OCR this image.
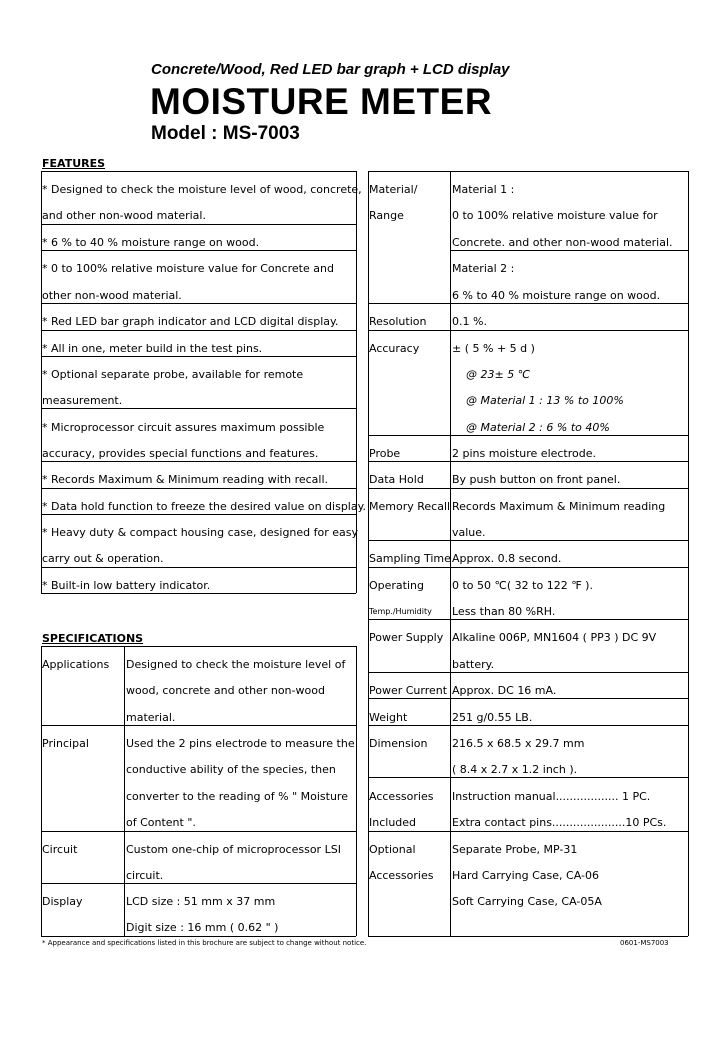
Concrete/Wood, Red LED bar graph + LCD display
MOISTURE METER
Model : MS-7003
FEATURES
* Designed to check the moisture level of wood, concrete,
and other non-wood material.
* 6 % to 40 % moisture range on wood.
* 0 to 100% relative moisture value for Concrete and
other non-wood material.
* Red LED bar graph indicator and LCD digital display.
* All in one, meter build in the test pins.
* Optional separate probe, available for remote
measurement.
* Microprocessor circuit assures maximum possible
accuracy, provides special functions and features.
* Records Maximum & Minimum reading with recall.
* Data hold function to freeze the desired value on display.
* Heavy duty & compact housing case, designed for easy
carry out & operation.
* Built-in low battery indicator.
SPECIFICATIONS
Applications
Principal
Circuit
Display
Designed to check the moisture level of
wood, concrete and other non-wood
material.
Used the 2 pins electrode to measure the
conductive ability of the species, then
converter to the reading of % " Moisture
of Content ".
Custom one-chip of microprocessor LSI
circuit.
LCD size : 51 mm x 37 mm
Digit size : 16 mm ( 0.62 " )
Material/
Range
Resolution
Accuracy
Probe
Data Hold
Memory Recall
Sampling Time
Operating
Temp./Humidity
Power Supply
Power Current
Weight
Dimension
Accessories
Included
Optional
Accessories
Material 1 :
0 to 100% relative moisture value for
Concrete. and other non-wood material.
Material 2 :
6 % to 40 % moisture range on wood.
0.1 %.
± ( 5 % + 5 d )
@ 23± 5 ℃
@ Material 1 : 13 % to 100%
@ Material 2 : 6 % to 40%
2 pins moisture electrode.
By push button on front panel.
Records Maximum & Minimum reading
value.
Approx. 0.8 second.
0 to 50 ℃( 32 to 122 ℉ ).
Less than 80 %RH.
Alkaline 006P, MN1604 ( PP3 ) DC 9V
battery.
Approx. DC 16 mA.
251 g/0.55 LB.
216.5 x 68.5 x 29.7 mm
( 8.4 x 2.7 x 1.2 inch ).
Instruction manual.................. 1 PC.
Extra contact pins.....................10 PCs.
Separate Probe, MP-31
Hard Carrying Case, CA-06
Soft Carrying Case, CA-05A
* Appearance and specifications listed in this brochure are subject to change without notice.	0601-MS7003
